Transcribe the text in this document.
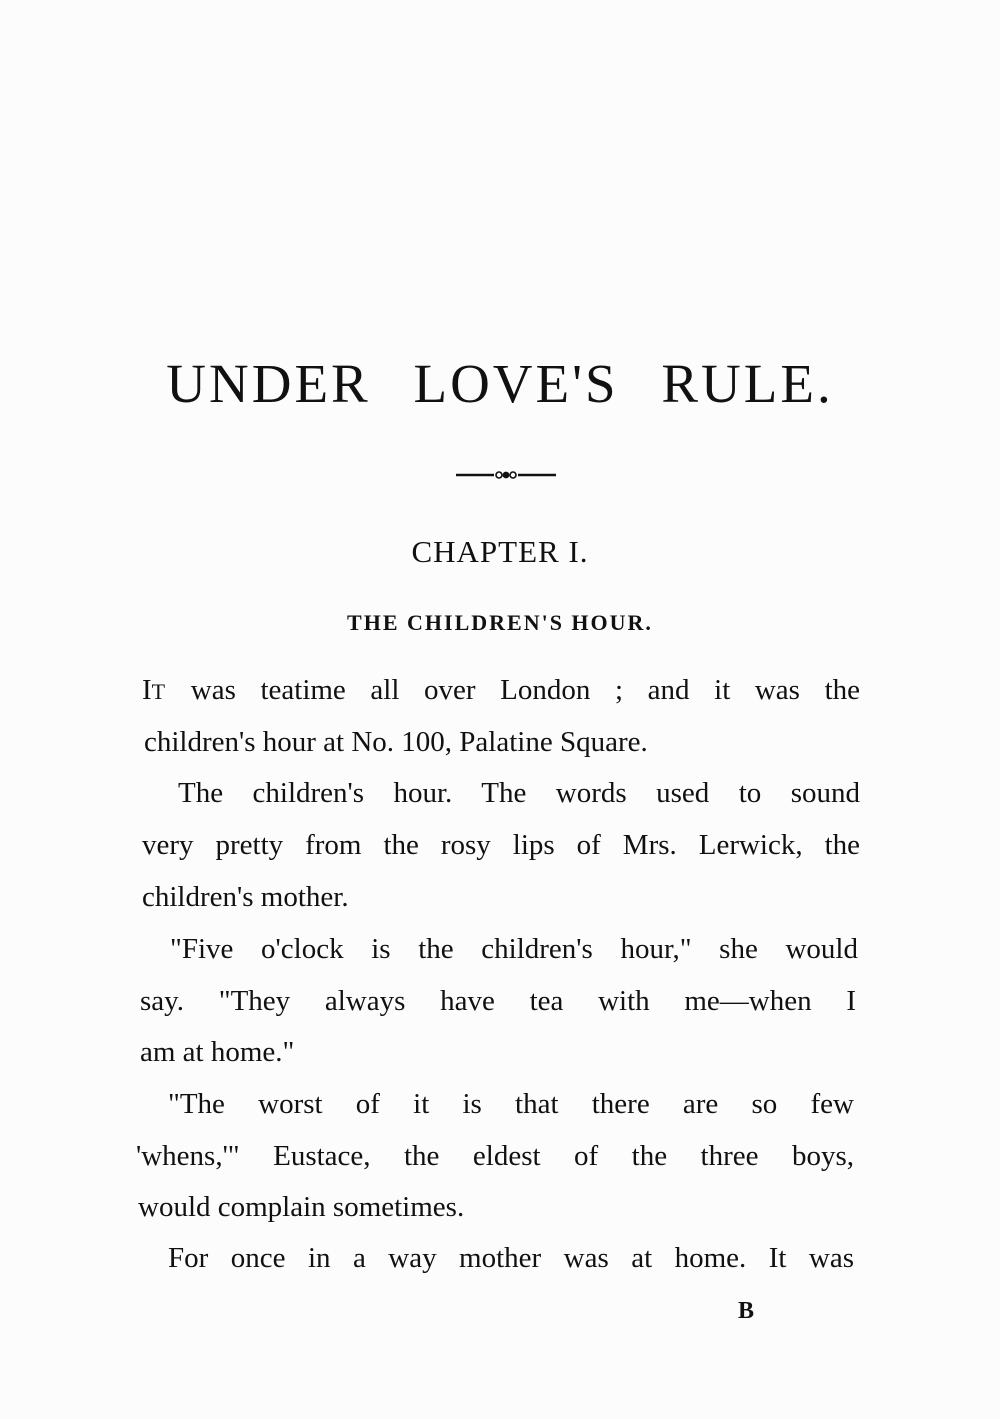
UNDER LOVE'S RULE.
CHAPTER I.
THE CHILDREN'S HOUR.
IT was teatime all over London ; and it was the
children's hour at No. 100, Palatine Square.
The children's hour. The words used to sound
very pretty from the rosy lips of Mrs. Lerwick, the
children's mother.
"Five o'clock is the children's hour," she would
say. "They always have tea with me—when I
am at home."
"The worst of it is that there are so few
'whens,'" Eustace, the eldest of the three boys,
would complain sometimes.
For once in a way mother was at home. It was
B
